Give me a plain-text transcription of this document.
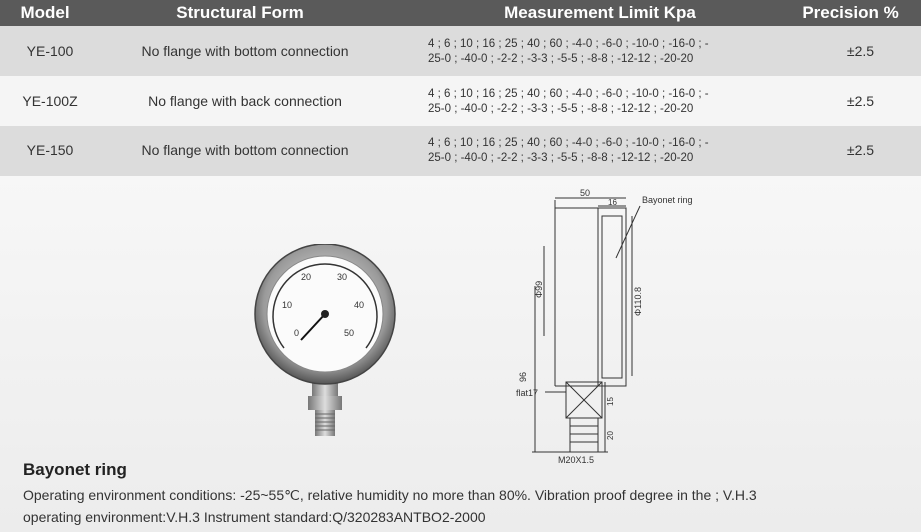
Model	Structural Form	Measurement Limit Kpa	Precision %
YE-100	No flange with bottom connection	4 ; 6 ; 10 ; 16 ; 25 ; 40 ; 60 ; -4-0 ; -6-0 ; -10-0 ; -16-0 ; -
25-0 ; -40-0 ; -2-2 ; -3-3 ; -5-5 ; -8-8 ; -12-12 ; -20-20	±2.5
YE-100Z	No flange with back connection	4 ; 6 ; 10 ; 16 ; 25 ; 40 ; 60 ; -4-0 ; -6-0 ; -10-0 ; -16-0 ; -
25-0 ; -40-0 ; -2-2 ; -3-3 ; -5-5 ; -8-8 ; -12-12 ; -20-20	±2.5
YE-150	No flange with bottom connection	4 ; 6 ; 10 ; 16 ; 25 ; 40 ; 60 ; -4-0 ; -6-0 ; -10-0 ; -16-0 ; -
25-0 ; -40-0 ; -2-2 ; -3-3 ; -5-5 ; -8-8 ; -12-12 ; -20-20	±2.5
0
10
20	30
40
50
50
16	Bayonet ring
Φ99	Φ110.8
96
flat17
15
20
M20X1.5
Bayonet ring
Operating environment conditions: -25~55℃, relative humidity no more than 80%. Vibration proof degree in the ; V.H.3
operating environment:V.H.3 Instrument standard:Q/320283ANTBO2-2000
